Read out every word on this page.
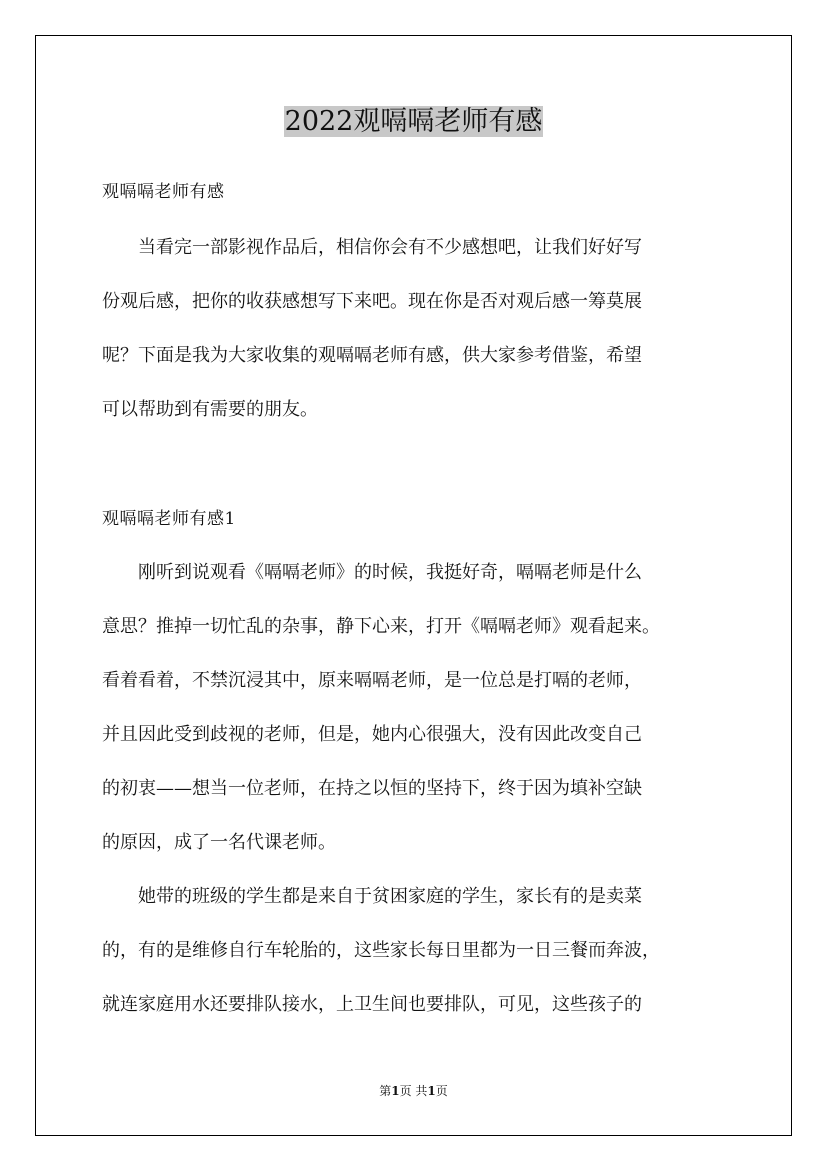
2022观嗝嗝老师有感
观嗝嗝老师有感
当看完一部影视作品后，相信你会有不少感想吧，让我们好好写
份观后感，把你的收获感想写下来吧。现在你是否对观后感一筹莫展
呢？下面是我为大家收集的观嗝嗝老师有感，供大家参考借鉴，希望
可以帮助到有需要的朋友。
观嗝嗝老师有感1
刚听到说观看《嗝嗝老师》的时候，我挺好奇，嗝嗝老师是什么
意思？推掉一切忙乱的杂事，静下心来，打开《嗝嗝老师》观看起来。
看着看着，不禁沉浸其中，原来嗝嗝老师，是一位总是打嗝的老师，
并且因此受到歧视的老师，但是，她内心很强大，没有因此改变自己
的初衷——想当一位老师，在持之以恒的坚持下，终于因为填补空缺
的原因，成了一名代课老师。
她带的班级的学生都是来自于贫困家庭的学生，家长有的是卖菜
的，有的是维修自行车轮胎的，这些家长每日里都为一日三餐而奔波，
就连家庭用水还要排队接水，上卫生间也要排队，可见，这些孩子的
第1页 共1页
